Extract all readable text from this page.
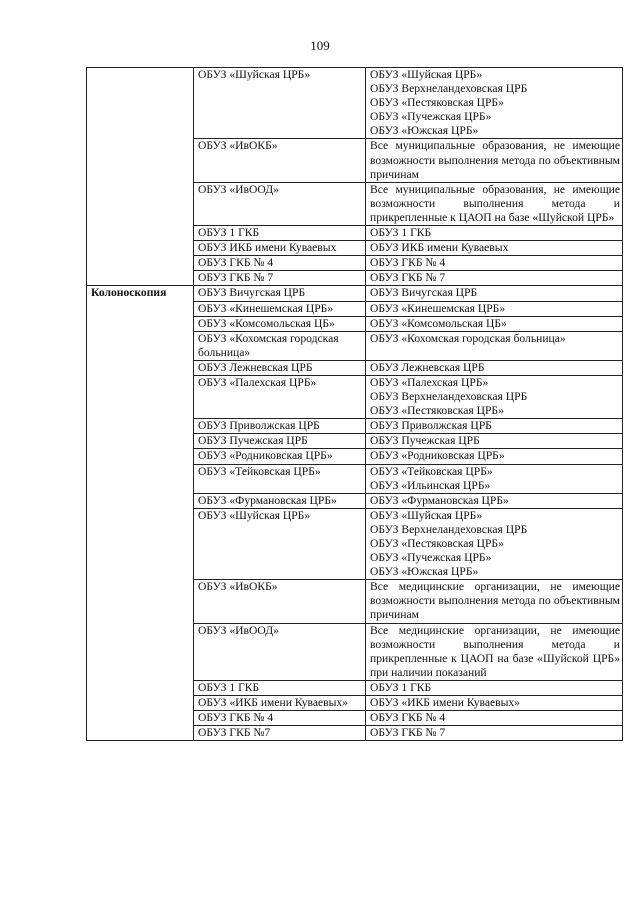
109
	ОБУЗ «Шуйская ЦРБ»	ОБУЗ «Шуйская ЦРБ»
ОБУЗ Верхнеландеховская ЦРБ
ОБУЗ «Пестяковская ЦРБ»
ОБУЗ «Пучежская ЦРБ»
ОБУЗ «Южская ЦРБ»

	ОБУЗ «ИвОКБ»	Все муниципальные образования, не имеющие возможности выполнения метода по объективным причинам

	ОБУЗ «ИвООД»	Все муниципальные образования, не имеющие возможности выполнения метода и прикрепленные к ЦАОП на базе «Шуйской ЦРБ»

	ОБУЗ 1 ГКБ	ОБУЗ 1 ГКБ

	ОБУЗ ИКБ имени Куваевых	ОБУЗ ИКБ имени Куваевых

	ОБУЗ ГКБ № 4	ОБУЗ ГКБ № 4

	ОБУЗ ГКБ № 7	ОБУЗ ГКБ № 7

Колоноскопия	ОБУЗ Вичугская ЦРБ	ОБУЗ Вичугская ЦРБ

	ОБУЗ «Кинешемская ЦРБ»	ОБУЗ «Кинешемская ЦРБ»

	ОБУЗ «Комсомольская ЦБ»	ОБУЗ «Комсомольская ЦБ»

	ОБУЗ «Кохомская городская больница»	ОБУЗ «Кохомская городская больница»

	ОБУЗ Лежневская ЦРБ	ОБУЗ Лежневская ЦРБ

	ОБУЗ «Палехская ЦРБ»	ОБУЗ «Палехская ЦРБ»
ОБУЗ Верхнеландеховская ЦРБ
ОБУЗ «Пестяковская ЦРБ»

	ОБУЗ Приволжская ЦРБ	ОБУЗ Приволжская ЦРБ

	ОБУЗ Пучежская ЦРБ	ОБУЗ Пучежская ЦРБ

	ОБУЗ «Родниковская ЦРБ»	ОБУЗ «Родниковская ЦРБ»

	ОБУЗ «Тейковская ЦРБ»	ОБУЗ «Тейковская ЦРБ»
ОБУЗ «Ильинская ЦРБ»

	ОБУЗ «Фурмановская ЦРБ»	ОБУЗ «Фурмановская ЦРБ»

	ОБУЗ «Шуйская ЦРБ»	ОБУЗ «Шуйская ЦРБ»
ОБУЗ Верхнеландеховская ЦРБ
ОБУЗ «Пестяковская ЦРБ»
ОБУЗ «Пучежская ЦРБ»
ОБУЗ «Южская ЦРБ»

	ОБУЗ «ИвОКБ»	Все медицинские организации, не имеющие возможности выполнения метода по объективным причинам

	ОБУЗ «ИвООД»	Все медицинские организации, не имеющие возможности выполнения метода и прикрепленные к ЦАОП на базе «Шуйской ЦРБ» при наличии показаний

	ОБУЗ 1 ГКБ	ОБУЗ 1 ГКБ

	ОБУЗ «ИКБ имени Куваевых»	ОБУЗ «ИКБ имени Куваевых»

	ОБУЗ ГКБ № 4	ОБУЗ ГКБ № 4

	ОБУЗ ГКБ №7	ОБУЗ ГКБ № 7
